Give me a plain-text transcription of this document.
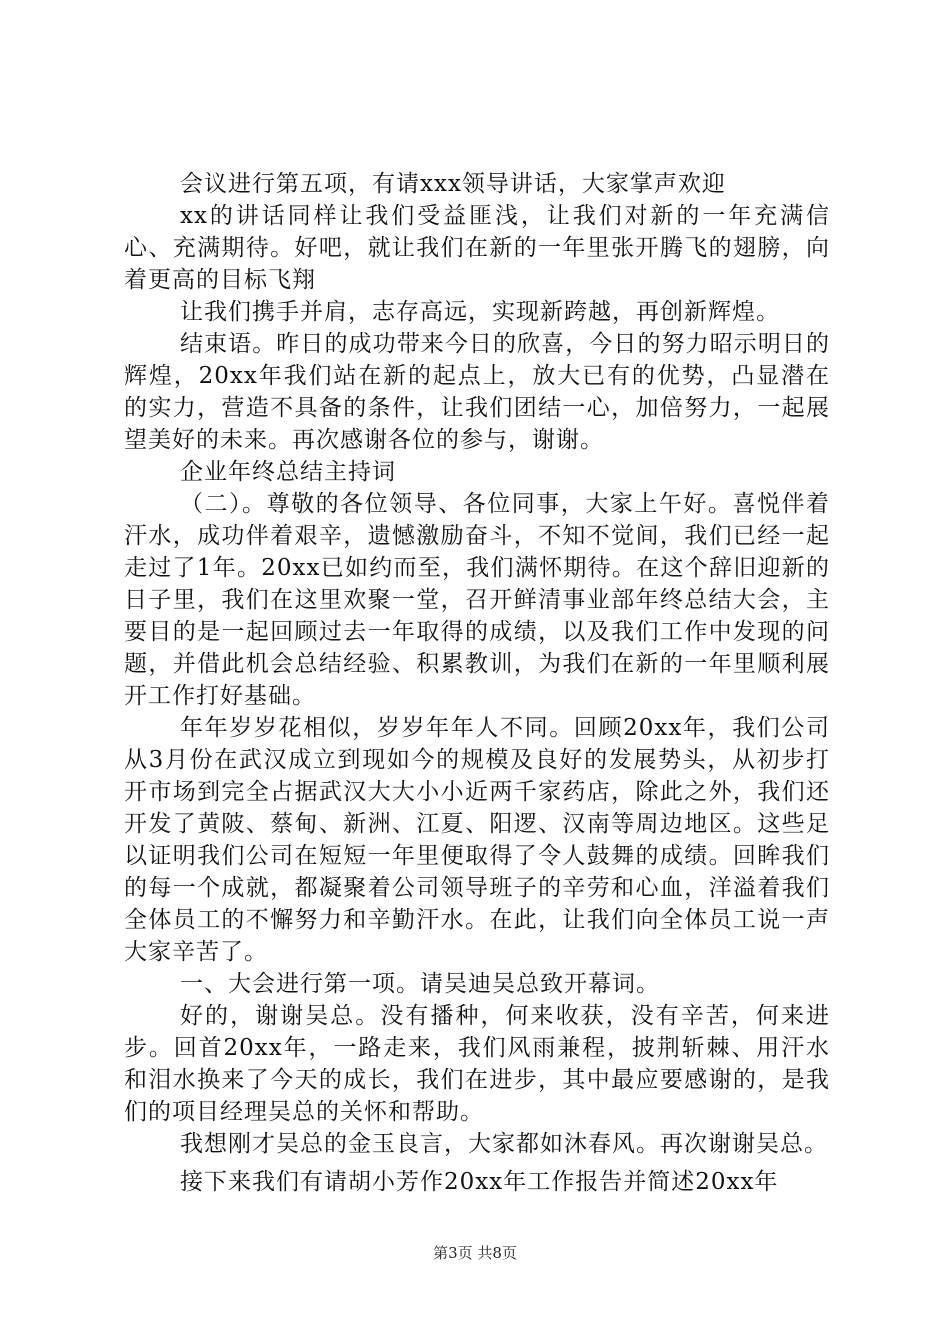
会议进行第五项，有请xxx领导讲话，大家掌声欢迎

xx的讲话同样让我们受益匪浅，让我们对新的一年充满信心、充满期待。好吧，就让我们在新的一年里张开腾飞的翅膀，向着更高的目标飞翔

让我们携手并肩，志存高远，实现新跨越，再创新辉煌。

结束语。昨日的成功带来今日的欣喜，今日的努力昭示明日的辉煌，20xx年我们站在新的起点上，放大已有的优势，凸显潜在的实力，营造不具备的条件，让我们团结一心，加倍努力，一起展望美好的未来。再次感谢各位的参与，谢谢。

企业年终总结主持词

（二）。尊敬的各位领导、各位同事，大家上午好。喜悦伴着汗水，成功伴着艰辛，遗憾激励奋斗，不知不觉间，我们已经一起走过了1年。20xx已如约而至，我们满怀期待。在这个辞旧迎新的日子里，我们在这里欢聚一堂，召开鲜清事业部年终总结大会，主要目的是一起回顾过去一年取得的成绩，以及我们工作中发现的问题，并借此机会总结经验、积累教训，为我们在新的一年里顺利展开工作打好基础。

年年岁岁花相似，岁岁年年人不同。回顾20xx年，我们公司从3月份在武汉成立到现如今的规模及良好的发展势头，从初步打开市场到完全占据武汉大大小小近两千家药店，除此之外，我们还开发了黄陂、蔡甸、新洲、江夏、阳逻、汉南等周边地区。这些足以证明我们公司在短短一年里便取得了令人鼓舞的成绩。回眸我们的每一个成就，都凝聚着公司领导班子的辛劳和心血，洋溢着我们全体员工的不懈努力和辛勤汗水。在此，让我们向全体员工说一声大家辛苦了。

一、大会进行第一项。请吴迪吴总致开幕词。

好的，谢谢吴总。没有播种，何来收获，没有辛苦，何来进步。回首20xx年，一路走来，我们风雨兼程，披荆斩棘、用汗水和泪水换来了今天的成长，我们在进步，其中最应要感谢的，是我们的项目经理吴总的关怀和帮助。

我想刚才吴总的金玉良言，大家都如沐春风。再次谢谢吴总。

接下来我们有请胡小芳作20xx年工作报告并简述20xx年

第3页 共8页
